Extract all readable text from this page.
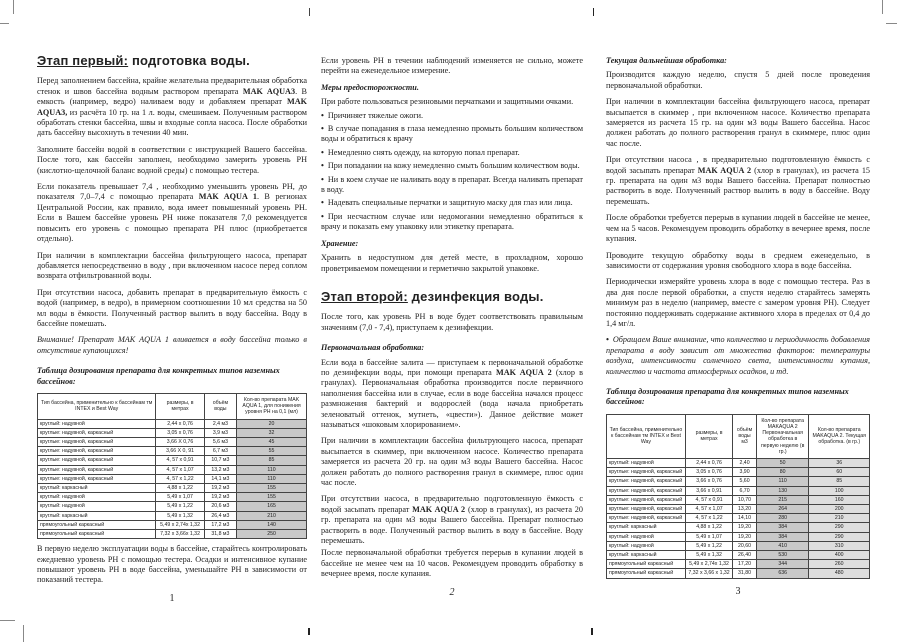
Этап первый: подготовка воды.

Перед заполнением бассейна, крайне желательна предварительная обработка стенок и швов бассейна водным раствором препарата MAK AQUA3. В емкость (например, ведро) наливаем воду и добавляем препарат MAK AQUA3, из расчёта 10 гр. на 1 л. воды, смешиваем. Полученным раствором обработать стенки бассейна, швы и входные сопла насоса. После обработки дать бассейну высохнуть в течении 40 мин.

Заполните бассейн водой в соответствии с инструкцией Вашего бассейна. После того, как бассейн заполнен, необходимо замерить уровень РН (кислотно-щелочной баланс водной среды) с помощью тестера.

Если показатель превышает 7,4 , необходимо уменьшить уровень РН, до показателя 7,0–7,4 с помощью препарата MAK AQUA 1. В регионах Центральной России, как правило, вода имеет повышенный уровень РН. Если в Вашем бассейне уровень РН ниже показателя 7,0 рекомендуется повысить его уровень с помощью препарата РН плюс (приобретается отдельно).

При наличии в комплектации бассейна фильтрующего насоса, препарат добавляется непосредственно в воду , при включенном насосе перед соплом возврата отфильтрованной воды.

При отсутствии насоса, добавить препарат в предварительную ёмкость с водой (например, в ведро), в примерном соотношении 10 мл средства на 50 мл воды в ёмкости. Полученный раствор вылить в воду бассейна. Воду в бассейне помешать.

Внимание! Препарат MAK AQUA 1 вливается в воду бассейна только в отсутствие купающихся!

Таблица дозирования препарата для конкретных типов наземных бассейнов:
Тип бассейна, применительно к бассейнам тм INTEX и Best Way	размеры, в метрах	объём воды	Кол-во препарата MAK AQUA 1, для понижения уровня РН на 0,1 (мл)
круглый: надувной	2,44 х 0,76	2,4 м3	20
круглые: надувной, каркасный	3,05 х 0,76	3,9 м3	32
круглые: надувной, каркасный	3,66 Х 0,76	5,6 м3	45
круглые: надувной, каркасный	3,66 Х 0, 91	6,7 м3	55
круглые: надувной, каркасный	4, 57 х 0,91	10,7 м3	85
круглые: надувной, каркасный	4, 57 х 1,07	13,2 м3	110
круглые: надувной, каркасный	4, 57 х 1,22	14,1 м3	110
круглый: каркасный	4,88 х 1,22	19,2 м3	155
круглый: надувной	5,49 х 1,07	19,2 м3	155
круглый: надувной	5,49 х 1,22	20,6 м3	165
круглый: каркасный	5,49 х 1,32	26,4 м3	210
прямоугольный каркасный	5,49 х 2,74х 1,32	17,2 м3	140
прямоугольный каркасный	7,32 х 3,66х 1,32	31,8 м3	250

В первую неделю эксплуатации воды в бассейне, старайтесь контролировать ежедневно уровень РН с помощью тестера. Осадки и интенсивное купание повышают уровень РН в воде бассейна, уменьшайте РН в зависимости от показаний тестера.

1

Если уровень РН в течении наблюдений изменяется не сильно, можете перейти на еженедельное измерение.

Меры предосторожности.

При работе пользоваться резиновыми перчатками и защитными очками.

• Причиняет тяжелые ожоги.

• В случае попадания в глаза немедленно промыть большим количеством воды и обратиться к врачу

• Немедленно снять одежду, на которую попал препарат.

• При попадании на кожу немедленно смыть большим количеством воды.

• Ни в коем случае не наливать воду в препарат. Всегда наливать препарат в воду.

• Надевать специальные перчатки и защитную маску для глаз или лица.

• При несчастном случае или недомогании немедленно обратиться к врачу и показать ему упаковку или этикетку препарата.

Хранение:

Хранить в недоступном для детей месте, в прохладном, хорошо проветриваемом помещении и герметично закрытой упаковке.

Этап второй: дезинфекция воды.

После того, как уровень РН в воде будет соответствовать правильным значениям (7,0 - 7,4), приступаем к дезинфекции.

Первоначальная обработка:

Если вода в бассейне залита — приступаем к первоначальной обработке по дезинфекции воды, при помощи препарата MAK AQUA 2 (хлор в гранулах). Первоначальная обработка производится после первичного наполнения бассейна или в случае, если в воде бассейна начался процесс размножения бактерий и водорослей (вода начала приобретать зеленоватый оттенок, мутнеть, «цвести»). Данное действие может называться «шоковым хлорированием».

При наличии в комплектации бассейна фильтрующего насоса, препарат высыпается в скиммер, при включенном насосе. Количество препарата замеряется из расчета 20 гр. на один м3 воды Вашего бассейна. Насос должен работать до полного растворения гранул в скиммере, плюс один час после.

При отсутствии насоса, в предварительно подготовленную ёмкость с водой засыпать препарат MAK AQUA 2 (хлор в гранулах), из расчета 20 гр. препарата на один м3 воды Вашего бассейна. Препарат полностью растворить в воде. Полученный раствор вылить в воду в бассейне. Воду перемешать.

После первоначальной обработки требуется перерыв в купании людей в бассейне не менее чем на 10 часов. Рекомендуем проводить обработку в вечернее время, после купания.

2
Текущая дальнейшая обработка:

Производится каждую неделю, спустя 5 дней после проведения первоначальной обработки.

При наличии в комплектации бассейна фильтрующего насоса, препарат высыпается в скиммер , при включенном насосе. Количество препарата замеряется из расчета 15 гр. на один м3 воды Вашего бассейна. Насос должен работать до полного растворения гранул в скиммере, плюс один час после.

При отсутствии насоса , в предварительно подготовленную ёмкость с водой засыпать препарат MAK AQUA 2 (хлор в гранулах), из расчета 15 гр. препарата на один м3 воды Вашего бассейна. Препарат полностью растворить в воде. Полученный раствор вылить в воду в бассейне. Воду перемешать.

После обработки требуется перерыв в купании людей в бассейне не менее, чем на 5 часов. Рекомендуем проводить обработку в вечернее время, после купания.

Проводите текущую обработку воды в среднем еженедельно, в зависимости от содержания уровня свободного хлора в воде бассейна.

Периодически измеряйте уровень хлора в воде с помощью тестера. Раз в два дня после первой обработки, а спустя неделю старайтесь замерять минимум раз в неделю (например, вместе с замером уровня РН). Следует постоянно поддерживать содержание активного хлора в пределах от 0,4 до 1,4 мг/л.

• Обращаем Ваше внимание, что количество и периодичность добавления препарата в воду зависит от множества факторов: температуры воздуха, интенсивности солнечного света, интенсивности купания, количество и частота атмосферных осадков, и тд.

Таблица дозирования препарата для конкретных типов наземных бассейнов:
Тип бассейна, применительно к бассейнам тм INTEX и Best Way	размеры, в метрах	объём воды м3	Кол-во препарата MAKAQUA 2 Первоначальная обработка в первую неделю (в гр.)	Кол-во препарата MAKAQUA 2. Текущая обработка. (в гр.)
круглый: надувной	2,44 х 0,76	2,40	50	36
круглые: надувной, каркасный	3,05 х 0,76	3,90	80	60
круглые: надувной, каркасный	3,66 х 0,76	5,60	110	85
круглые: надувной, каркасный	3,66 х 0,91	6,70	130	100
круглые: надувной, каркасный	4, 57 х 0,91	10,70	215	160
круглые: надувной, каркасный	4, 57 х 1,07	13,20	264	200
круглые: надувной, каркасный	4, 57 х 1,22	14,10	280	210
круглый: каркасный	4,88 х 1,22	19,20	384	290
круглый: надувной	5,49 х 1,07	19,20	384	290
круглый: надувной	5,49 х 1,22	20,60	410	310
круглый: каркасный	5,49 х 1,32	26,40	530	400
прямоугольный каркасный	5,49 х 2,74х 1,32	17,20	344	260
прямоугольный каркасный	7,32 х 3,66 х 1,32	31,80	636	480
3
